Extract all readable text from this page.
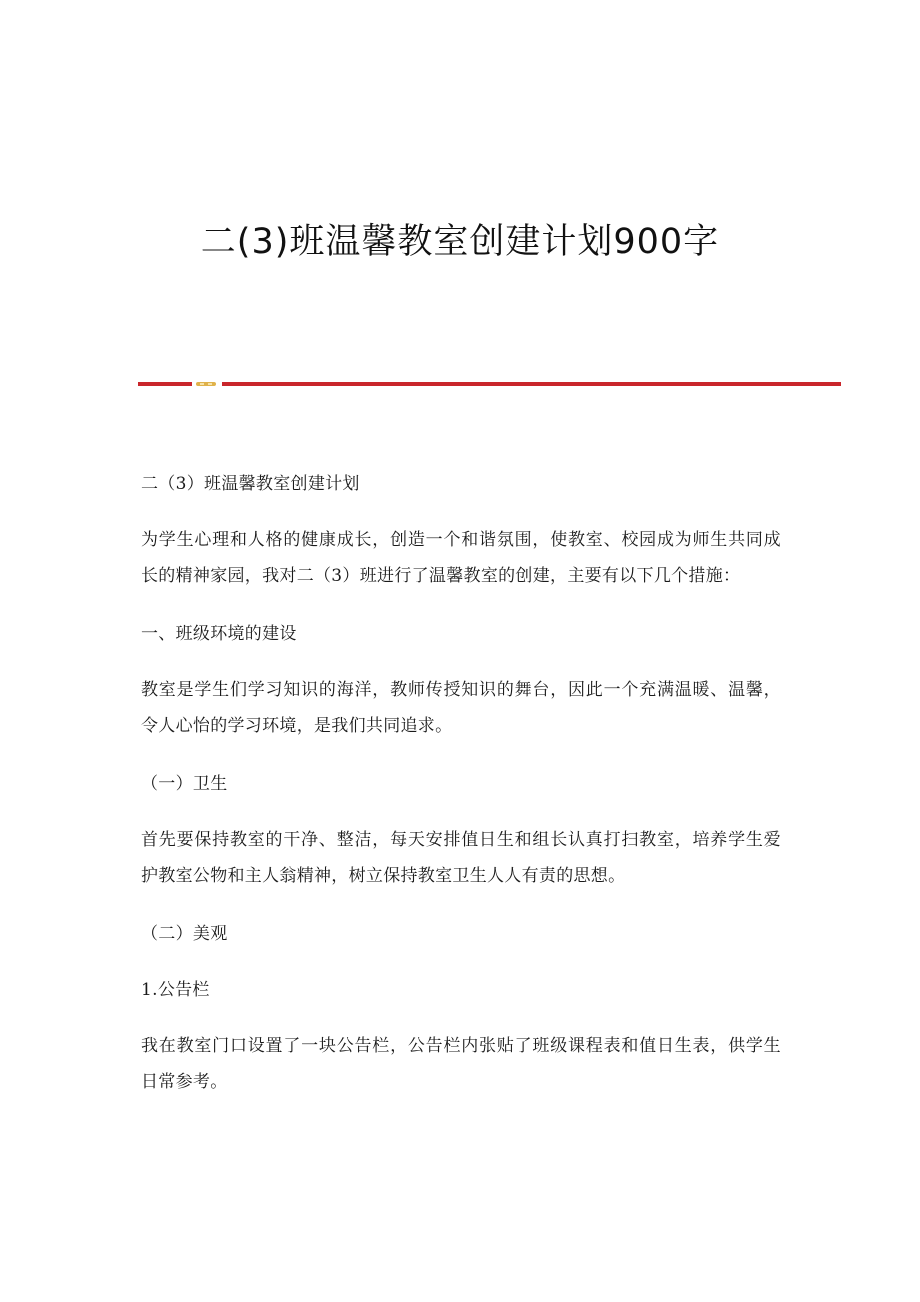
二(3)班温馨教室创建计划900字

二（3）班温馨教室创建计划

为学生心理和人格的健康成长，创造一个和谐氛围，使教室、校园成为师生共同成长的精神家园，我对二（3）班进行了温馨教室的创建，主要有以下几个措施：

一、班级环境的建设

教室是学生们学习知识的海洋，教师传授知识的舞台，因此一个充满温暖、温馨，令人心怡的学习环境，是我们共同追求。

（一）卫生

首先要保持教室的干净、整洁，每天安排值日生和组长认真打扫教室，培养学生爱护教室公物和主人翁精神，树立保持教室卫生人人有责的思想。

（二）美观

1.公告栏

我在教室门口设置了一块公告栏，公告栏内张贴了班级课程表和值日生表，供学生日常参考。
